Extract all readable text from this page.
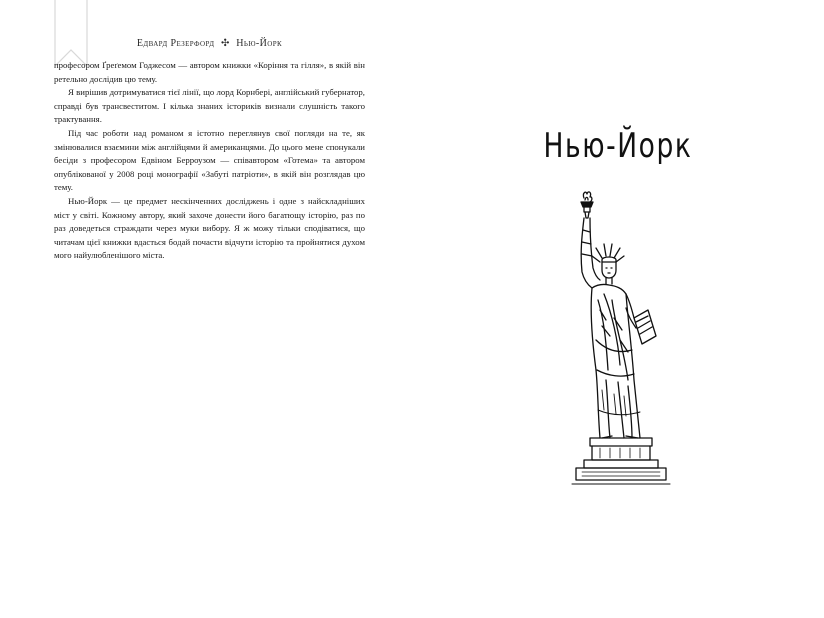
Едвард Резерфорд ✣ Нью-Йорк

професором Ґреґемом Годжесом — автором книжки «Коріння та гілля», в якій він ретельно дослідив цю тему.

Я вирішив дотримуватися тієї лінії, що лорд Корнбері, англійський губернатор, справді був трансвеститом. І кілька знаних істориків визнали слушність такого трактування.

Під час роботи над романом я істотно переглянув свої погляди на те, як змінювалися взаємини між англійцями й американцями. До цього мене спонукали бесіди з професором Едвіном Берроузом — співавтором «Готема» та автором опублікованої у 2008 році монографії «Забуті патріоти», в якій він розглядав цю тему.

Нью-Йорк — це предмет нескінченних досліджень і одне з найскладніших міст у світі. Кожному автору, який захоче донести його багатющу історію, раз по раз доведеться страждати через муки вибору. Я ж можу тільки сподіватися, що читачам цієї книжки вдасться бодай почасти відчути історію та пройнятися духом мого найулюбленішого міста.

Нью-Йорк
